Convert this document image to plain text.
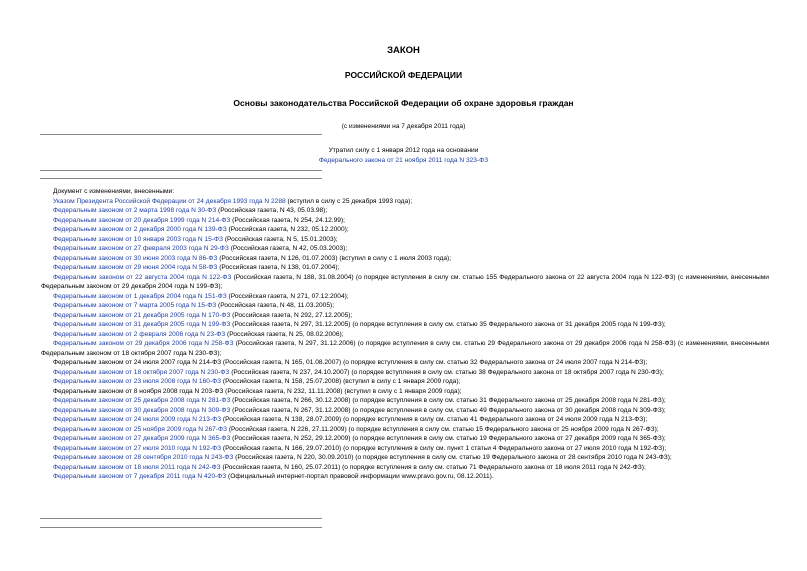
ЗАКОН
РОССИЙСКОЙ ФЕДЕРАЦИИ
Основы законодательства Российской Федерации об охране здоровья граждан
(с изменениями на 7 декабря 2011 года)
Утратил силу с 1 января 2012 года на основании
Федерального закона от 21 ноября 2011 года N 323-ФЗ

Документ с изменениями, внесенными:

Указом Президента Российской Федерации от 24 декабря 1993 года N 2288 (вступил в силу с 25 декабря 1993 года);

Федеральным законом от 2 марта 1998 года N 30-ФЗ (Российская газета, N 43, 05.03.98);

Федеральным законом от 20 декабря 1999 года N 214-ФЗ (Российская газета, N 254, 24.12.99);

Федеральным законом от 2 декабря 2000 года N 139-ФЗ (Российская газета, N 232, 05.12.2000);

Федеральным законом от 10 января 2003 года N 15-ФЗ (Российская газета, N 5, 15.01.2003);

Федеральным законом от 27 февраля 2003 года N 29-ФЗ (Российская газета, N 42, 05.03.2003);

Федеральным законом от 30 июня 2003 года N 86-ФЗ (Российская газета, N 126, 01.07.2003) (вступил в силу с 1 июля 2003 года);

Федеральным законом от 29 июня 2004 года N 58-ФЗ (Российская газета, N 138, 01.07.2004);

Федеральным законом от 22 августа 2004 года N 122-ФЗ (Российская газета, N 188, 31.08.2004) (о порядке вступления в силу см. статью 155 Федерального закона от 22 августа 2004 года N 122-ФЗ) (с изменениями, внесенными Федеральным законом от 29 декабря 2004 года N 199-ФЗ);

Федеральным законом от 1 декабря 2004 года N 151-ФЗ (Российская газета, N 271, 07.12.2004);

Федеральным законом от 7 марта 2005 года N 15-ФЗ (Российская газета, N 48, 11.03.2005);

Федеральным законом от 21 декабря 2005 года N 170-ФЗ (Российская газета, N 292, 27.12.2005);

Федеральным законом от 31 декабря 2005 года N 199-ФЗ (Российская газета, N 297, 31.12.2005) (о порядке вступления в силу см. статью 35 Федерального закона от 31 декабря 2005 года N 199-ФЗ);

Федеральным законом от 2 февраля 2006 года N 23-ФЗ (Российская газета, N 25, 08.02.2006);

Федеральным законом от 29 декабря 2006 года N 258-ФЗ (Российская газета, N 297, 31.12.2006) (о порядке вступления в силу см. статью 29 Федерального закона от 29 декабря 2006 года N 258-ФЗ) (с изменениями, внесенными Федеральным законом от 18 октября 2007 года N 230-ФЗ);

Федеральным законом от 24 июля 2007 года N 214-ФЗ (Российская газета, N 165, 01.08.2007) (о порядке вступления в силу см. статью 32 Федерального закона от 24 июля 2007 года N 214-ФЗ);

Федеральным законом от 18 октября 2007 года N 230-ФЗ (Российская газета, N 237, 24.10.2007) (о порядке вступления в силу см. статью 38 Федерального закона от 18 октября 2007 года N 230-ФЗ);

Федеральным законом от 23 июля 2008 года N 160-ФЗ (Российская газета, N 158, 25.07.2008) (вступил в силу с 1 января 2009 года);

Федеральным законом от 8 ноября 2008 года N 203-ФЗ (Российская газета, N 232, 11.11.2008) (вступил в силу с 1 января 2009 года);

Федеральным законом от 25 декабря 2008 года N 281-ФЗ (Российская газета, N 266, 30.12.2008) (о порядке вступления в силу см. статью 31 Федерального закона от 25 декабря 2008 года N 281-ФЗ);

Федеральным законом от 30 декабря 2008 года N 309-ФЗ (Российская газета, N 267, 31.12.2008) (о порядке вступления в силу см. статью 49 Федерального закона от 30 декабря 2008 года N 309-ФЗ);

Федеральным законом от 24 июля 2009 года N 213-ФЗ (Российская газета, N 138, 28.07.2009) (о порядке вступления в силу см. статью 41 Федерального закона от 24 июля 2009 года N 213-ФЗ);

Федеральным законом от 25 ноября 2009 года N 267-ФЗ (Российская газета, N 226, 27.11.2009) (о порядке вступления в силу см. статью 15 Федерального закона от 25 ноября 2009 года N 267-ФЗ);

Федеральным законом от 27 декабря 2009 года N 365-ФЗ (Российская газета, N 252, 29.12.2009) (о порядке вступления в силу см. статью 19 Федерального закона от 27 декабря 2009 года N 365-ФЗ);

Федеральным законом от 27 июля 2010 года N 192-ФЗ (Российская газета, N 166, 29.07.2010) (о порядке вступления в силу см. пункт 1 статьи 4 Федерального закона от 27 июля 2010 года N 192-ФЗ);

Федеральным законом от 28 сентября 2010 года N 243-ФЗ (Российская газета, N 220, 30.09.2010) (о порядке вступления в силу см. статью 19 Федерального закона от 28 сентября 2010 года N 243-ФЗ);

Федеральным законом от 18 июля 2011 года N 242-ФЗ (Российская газета, N 160, 25.07.2011) (о порядке вступления в силу см. статью 71 Федерального закона от 18 июля 2011 года N 242-ФЗ);

Федеральным законом от 7 декабря 2011 года N 420-ФЗ (Официальный интернет-портал правовой информации www.pravo.gov.ru, 08.12.2011).
